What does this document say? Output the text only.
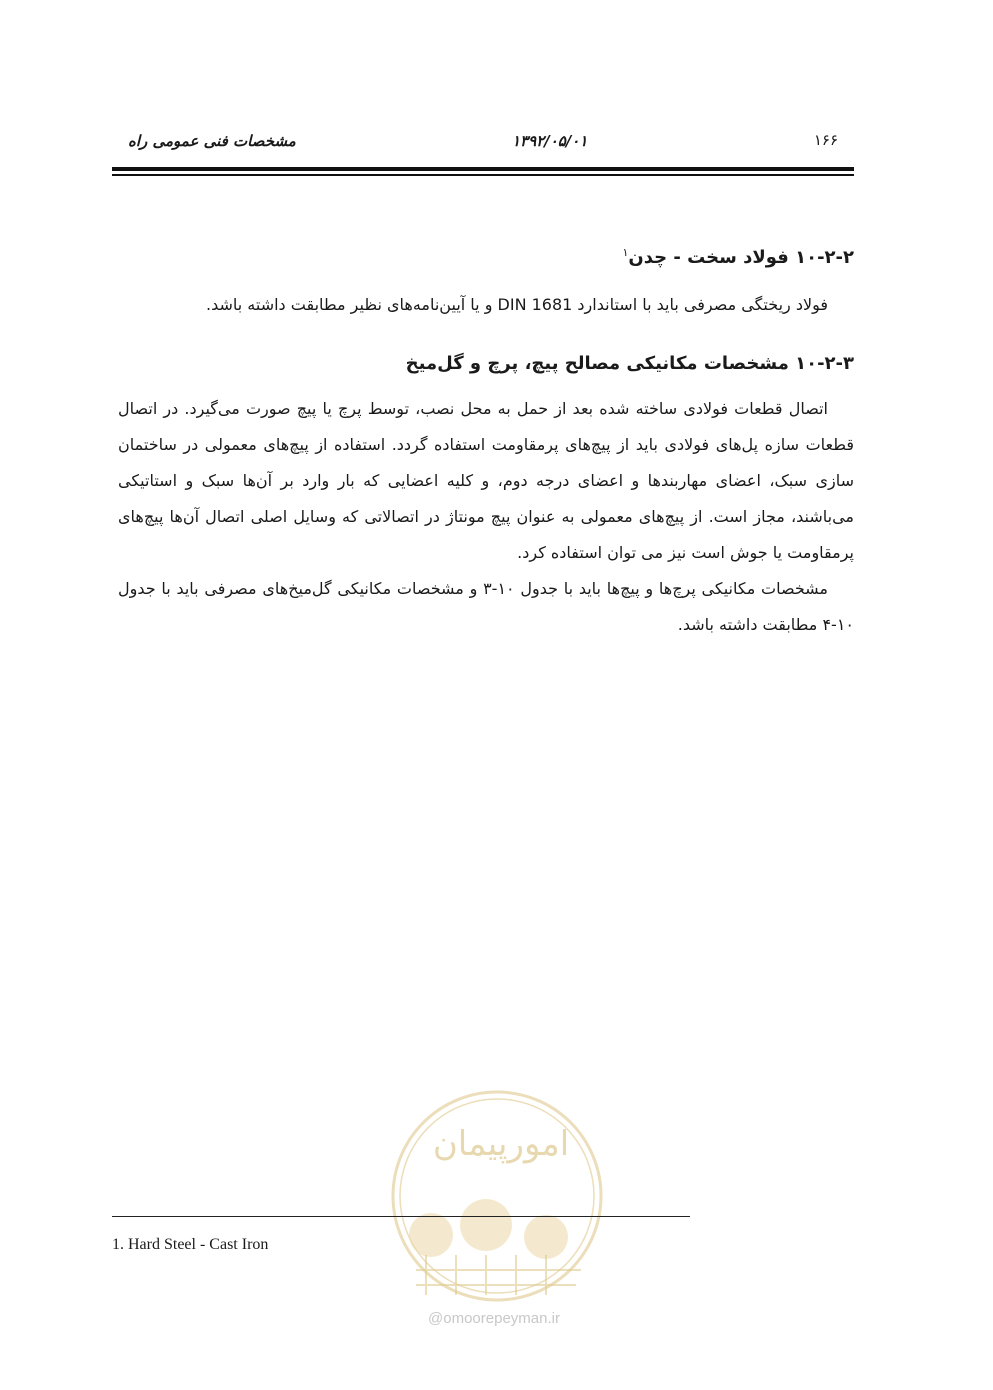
مشخصات فنی عمومی راه	۱۳۹۲/۰۵/۰۱	۱۶۶
۱۰-۲-۲ فولاد سخت - چدن$^۱$

فولاد ریختگی مصرفی باید با استاندارد DIN 1681 و یا آیین‌نامه‌های نظیر مطابقت داشته باشد.

۱۰-۲-۳ مشخصات مکانیکی مصالح پیچ، پرچ و گل‌میخ

اتصال قطعات فولادی ساخته شده بعد از حمل به محل نصب، توسط پرچ یا پیچ صورت می‌گیرد. در اتصال قطعات سازه پل‌های فولادی باید از پیچ‌های پرمقاومت استفاده گردد. استفاده از پیچ‌های معمولی در ساختمان سازی سبک، اعضای مهاربندها و اعضای درجه دوم، و کلیه اعضایی که بار وارد بر آن‌ها سبک و استاتیکی می‌باشند، مجاز است. از پیچ‌های معمولی به عنوان پیچ مونتاژ در اتصالاتی که وسایل اصلی اتصال آن‌ها پیچ‌های پرمقاومت یا جوش است نیز می توان استفاده کرد.

مشخصات مکانیکی پرچ‌ها و پیچ‌ها باید با جدول ۱۰-۳ و مشخصات مکانیکی گل‌میخ‌های مصرفی باید با جدول ۱۰-۴ مطابقت داشته باشد.

امورپیمان
@omoorepeyman.ir
1. Hard Steel - Cast Iron
